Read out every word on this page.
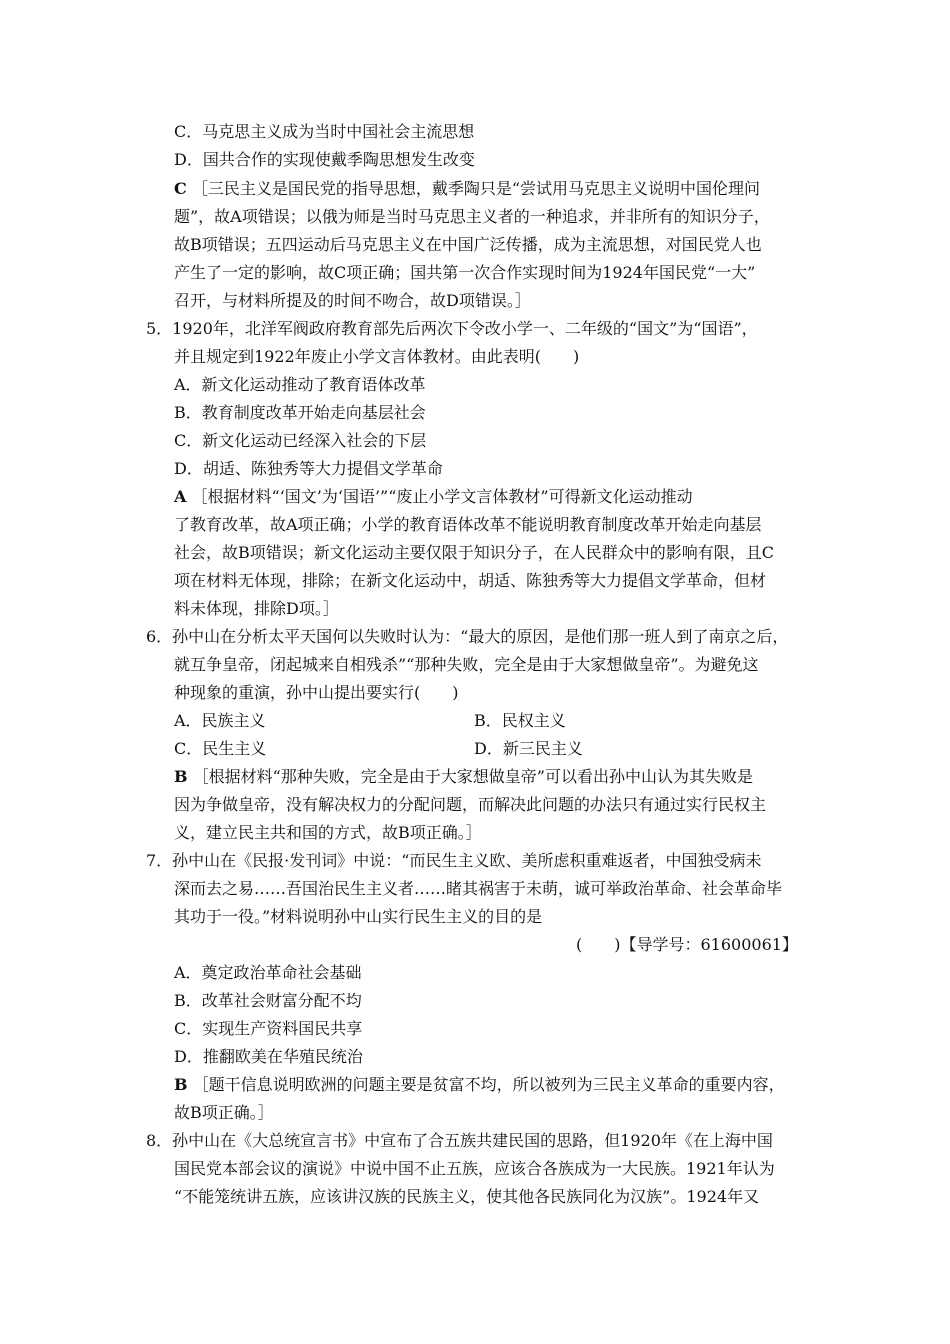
C．马克思主义成为当时中国社会主流思想
D．国共合作的实现使戴季陶思想发生改变
C ［三民主义是国民党的指导思想，戴季陶只是“尝试用马克思主义说明中国伦理问
题”，故A项错误；以俄为师是当时马克思主义者的一种追求，并非所有的知识分子，
故B项错误；五四运动后马克思主义在中国广泛传播，成为主流思想，对国民党人也
产生了一定的影响，故C项正确；国共第一次合作实现时间为1924年国民党“一大”
召开，与材料所提及的时间不吻合，故D项错误。］
5．1920年，北洋军阀政府教育部先后两次下令改小学一、二年级的“国文”为“国语”，
并且规定到1922年废止小学文言体教材。由此表明(　　)
A．新文化运动推动了教育语体改革
B．教育制度改革开始走向基层社会
C．新文化运动已经深入社会的下层
D．胡适、陈独秀等大力提倡文学革命
A ［根据材料“‘国文’为‘国语’”“废止小学文言体教材”可得新文化运动推动
了教育改革，故A项正确；小学的教育语体改革不能说明教育制度改革开始走向基层
社会，故B项错误；新文化运动主要仅限于知识分子，在人民群众中的影响有限，且C
项在材料无体现，排除；在新文化运动中，胡适、陈独秀等大力提倡文学革命，但材
料未体现，排除D项。］
6．孙中山在分析太平天国何以失败时认为：“最大的原因，是他们那一班人到了南京之后，
就互争皇帝，闭起城来自相残杀”“那种失败，完全是由于大家想做皇帝”。为避免这
种现象的重演，孙中山提出要实行(　　)
A．民族主义	B．民权主义
C．民生主义	D．新三民主义
B ［根据材料“那种失败，完全是由于大家想做皇帝”可以看出孙中山认为其失败是
因为争做皇帝，没有解决权力的分配问题，而解决此问题的办法只有通过实行民权主
义，建立民主共和国的方式，故B项正确。］
7．孙中山在《民报·发刊词》中说：“而民生主义欧、美所虑积重难返者，中国独受病未
深而去之易……吾国治民生主义者……睹其祸害于未萌，诚可举政治革命、社会革命毕
其功于一役。”材料说明孙中山实行民生主义的目的是
(　　)【导学号：61600061】
A．奠定政治革命社会基础
B．改革社会财富分配不均
C．实现生产资料国民共享
D．推翻欧美在华殖民统治
B ［题干信息说明欧洲的问题主要是贫富不均，所以被列为三民主义革命的重要内容，
故B项正确。］
8．孙中山在《大总统宣言书》中宣布了合五族共建民国的思路，但1920年《在上海中国
国民党本部会议的演说》中说中国不止五族，应该合各族成为一大民族。1921年认为
“不能笼统讲五族，应该讲汉族的民族主义，使其他各民族同化为汉族”。1924年又
